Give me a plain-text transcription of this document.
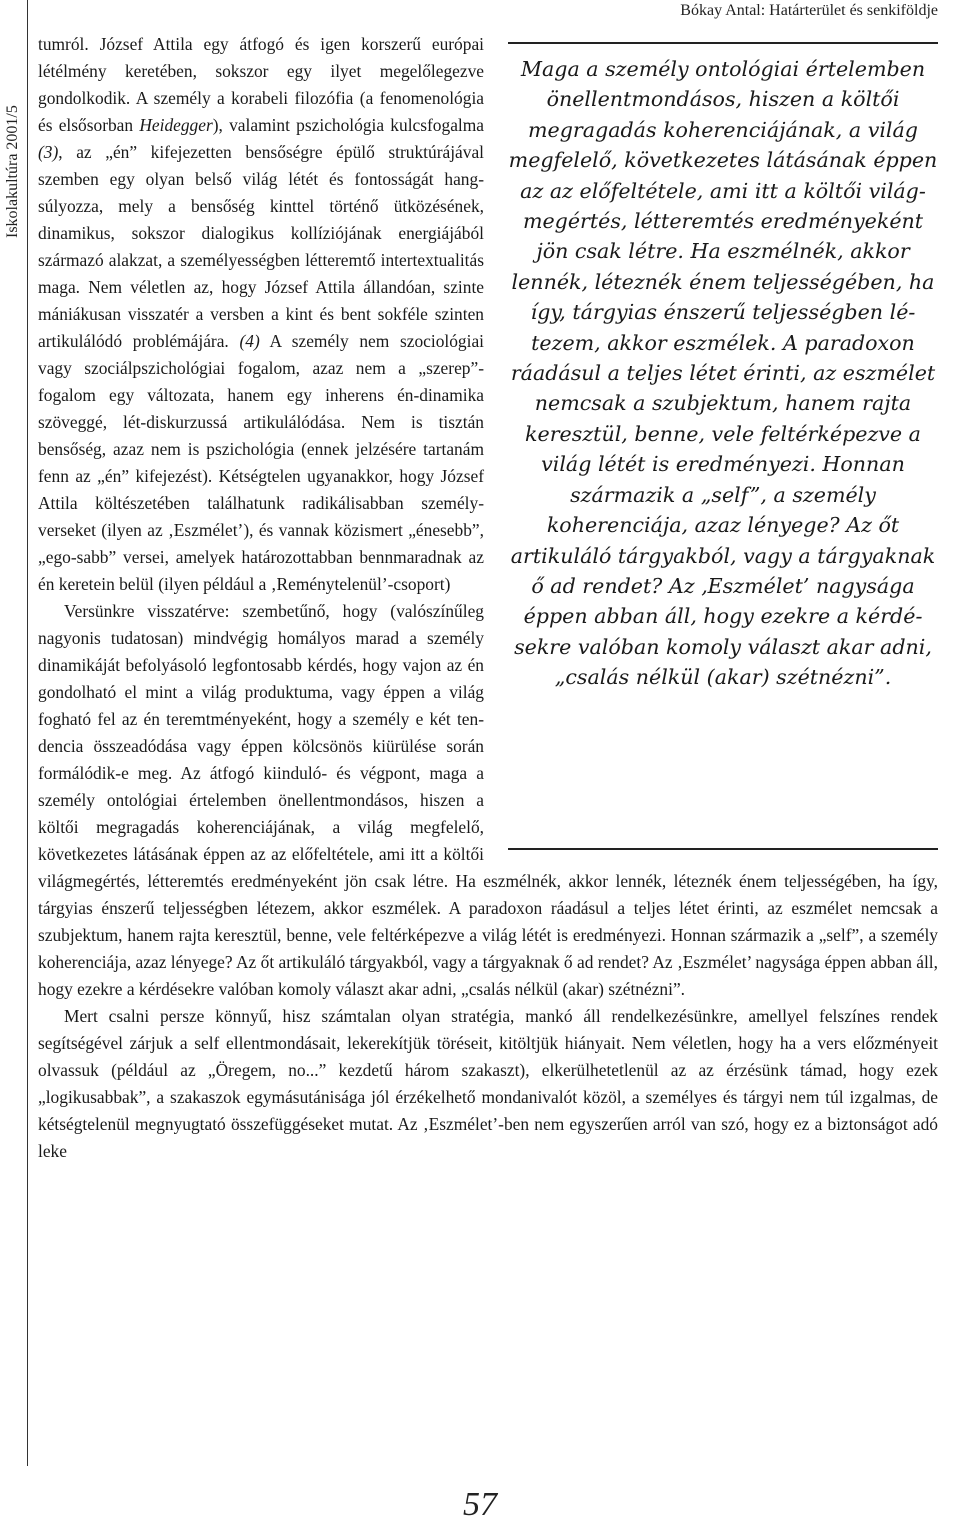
Iskolakultúra 2001/5
Bókay Antal: Határterület és senkiföldje
Maga a személy ontológiai értelemben önellentmondásos, hiszen a költői megragadás koherenciájának, a világ megfelelő, következetes látásának éppen az az előfeltétele, ami itt a költői világ-megértés, létteremtés eredményeként jön csak létre. Ha eszmélnék, akkor lennék, léteznék énem teljességében, ha így, tárgyias énszerű teljességben létezem, akkor eszmélek. A paradoxon ráadásul a teljes létet érinti, az eszmélet nemcsak a szubjektum, hanem rajta keresztül, benne, vele feltérképezve a világ létét is eredményezi. Honnan származik a „self”, a személy koherenciája, azaz lényege? Az őt artikuláló tárgyakból, vagy a tárgyaknak ő ad rendet? Az ‚Eszmélet’ nagysága éppen abban áll, hogy ezekre a kérdésekre valóban komoly választ akar adni, „csalás nélkül (akar) szétnézni”.

tumról. József Attila egy átfogó és igen korszerű európai létélmény keretében, sokszor egy ilyet megelőlegezve gondolkodik. A személy a korabeli filozófia (a fenomenológia és elsősorban Heidegger), valamint pszichológia kulcsfogalma (3), az „én” kifejezetten bensőségre épülő struktúrájával szemben egy olyan belső világ létét és fontosságát hangsúlyozza, mely a bensőség kinttel történő ütközésének, dinamikus, sokszor dialogikus kollíziójának energiájából származó alakzat, a személyességben létteremtő intertextualitás maga. Nem véletlen az, hogy József Attila állandóan, szinte mániákusan visszatér a versben a kint és bent sokféle szinten artikulálódó problémájára. (4) A személy nem szociológiai vagy szociálpszichológiai fogalom, azaz nem a „szerep”-fogalom egy változata, hanem egy inherens én-dinamika szöveggé, lét-diskurzussá artikulálódása. Nem is tisztán bensőség, azaz nem is pszichológia (ennek jelzésére tartanám fenn az „én” kifejezést). Kétségtelen ugyanakkor, hogy József Attila költészetében találhatunk radikálisabban személy-verseket (ilyen az ‚Eszmélet’), és vannak közismert „énesebb”, „ego-sabb” versei, amelyek határozottabban bennmaradnak az én keretein belül (ilyen például a ‚Reménytelenül’-csoport)

Versünkre visszatérve: szembetűnő, hogy (valószínűleg nagyonis tudatosan) mindvégig homályos marad a személy dinamikáját befolyásoló legfontosabb kérdés, hogy vajon az én gondolható el mint a világ produktuma, vagy éppen a világ fogható fel az én teremtményeként, hogy a személy e két tendencia összeadódása vagy éppen kölcsönös kiürülése során formálódik-e meg. Az átfogó kiinduló- és végpont, maga a személy ontológiai értelemben önellentmondásos, hiszen a költői megragadás koherenciájának, a világ megfelelő, következetes látásának éppen az az előfeltétele, ami itt a költői világmegértés, létteremtés eredményeként jön csak létre. Ha eszmélnék, akkor lennék, léteznék énem teljességében, ha így, tárgyias énszerű teljességben létezem, akkor eszmélek. A paradoxon ráadásul a teljes létet érinti, az eszmélet nemcsak a szubjektum, hanem rajta keresztül, benne, vele feltérképezve a világ létét is eredményezi. Honnan származik a „self”, a személy koherenciája, azaz lényege? Az őt artikuláló tárgyakból, vagy a tárgyaknak ő ad rendet? Az ‚Eszmélet’ nagysága éppen abban áll, hogy ezekre a kérdésekre valóban komoly választ akar adni, „csalás nélkül (akar) szétnézni”.

Mert csalni persze könnyű, hisz számtalan olyan stratégia, mankó áll rendelkezésünkre, amellyel felszínes rendek segítségével zárjuk a self ellentmondásait, lekerekítjük töréseit, kitöltjük hiányait. Nem véletlen, hogy ha a vers előzményeit olvassuk (például az „Öregem, no...” kezdetű három szakaszt), elkerülhetetlenül az az érzésünk támad, hogy ezek „logikusabbak”, a szakaszok egymásutánisága jól érzékelhető mondanivalót közöl, a személyes és tárgyi nem túl izgalmas, de kétségtelenül megnyugtató összefüggéseket mutat. Az ‚Eszmélet’-ben nem egyszerűen arról van szó, hogy ez a biztonságot adó leke

57
